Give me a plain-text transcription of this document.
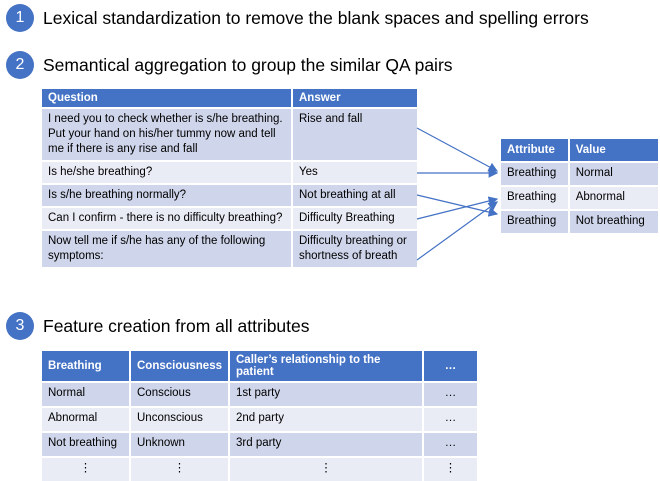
1	Lexical standardization to remove the blank spaces and spelling errors
2	Semantical aggregation to group the similar QA pairs
3	Feature creation from all attributes
Question	Answer
I need you to check whether is s/he breathing. Put your hand on his/her tummy now and tell me if there is any rise and fall	Rise and fall
Is he/she breathing?	Yes
Is s/he breathing normally?	Not breathing at all
Can I confirm - there is no difficulty breathing?	Difficulty Breathing
Now tell me if s/he has any of the following symptoms:	Difficulty breathing or shortness of breath
Attribute	Value
Breathing	Normal
Breathing	Abnormal
Breathing	Not breathing
Breathing	Consciousness	Caller’s relationship to the patient	…
Normal	Conscious	1st party	…
Abnormal	Unconscious	2nd party	…
Not breathing	Unknown	3rd party	…
⋮	⋮	⋮	⋮
